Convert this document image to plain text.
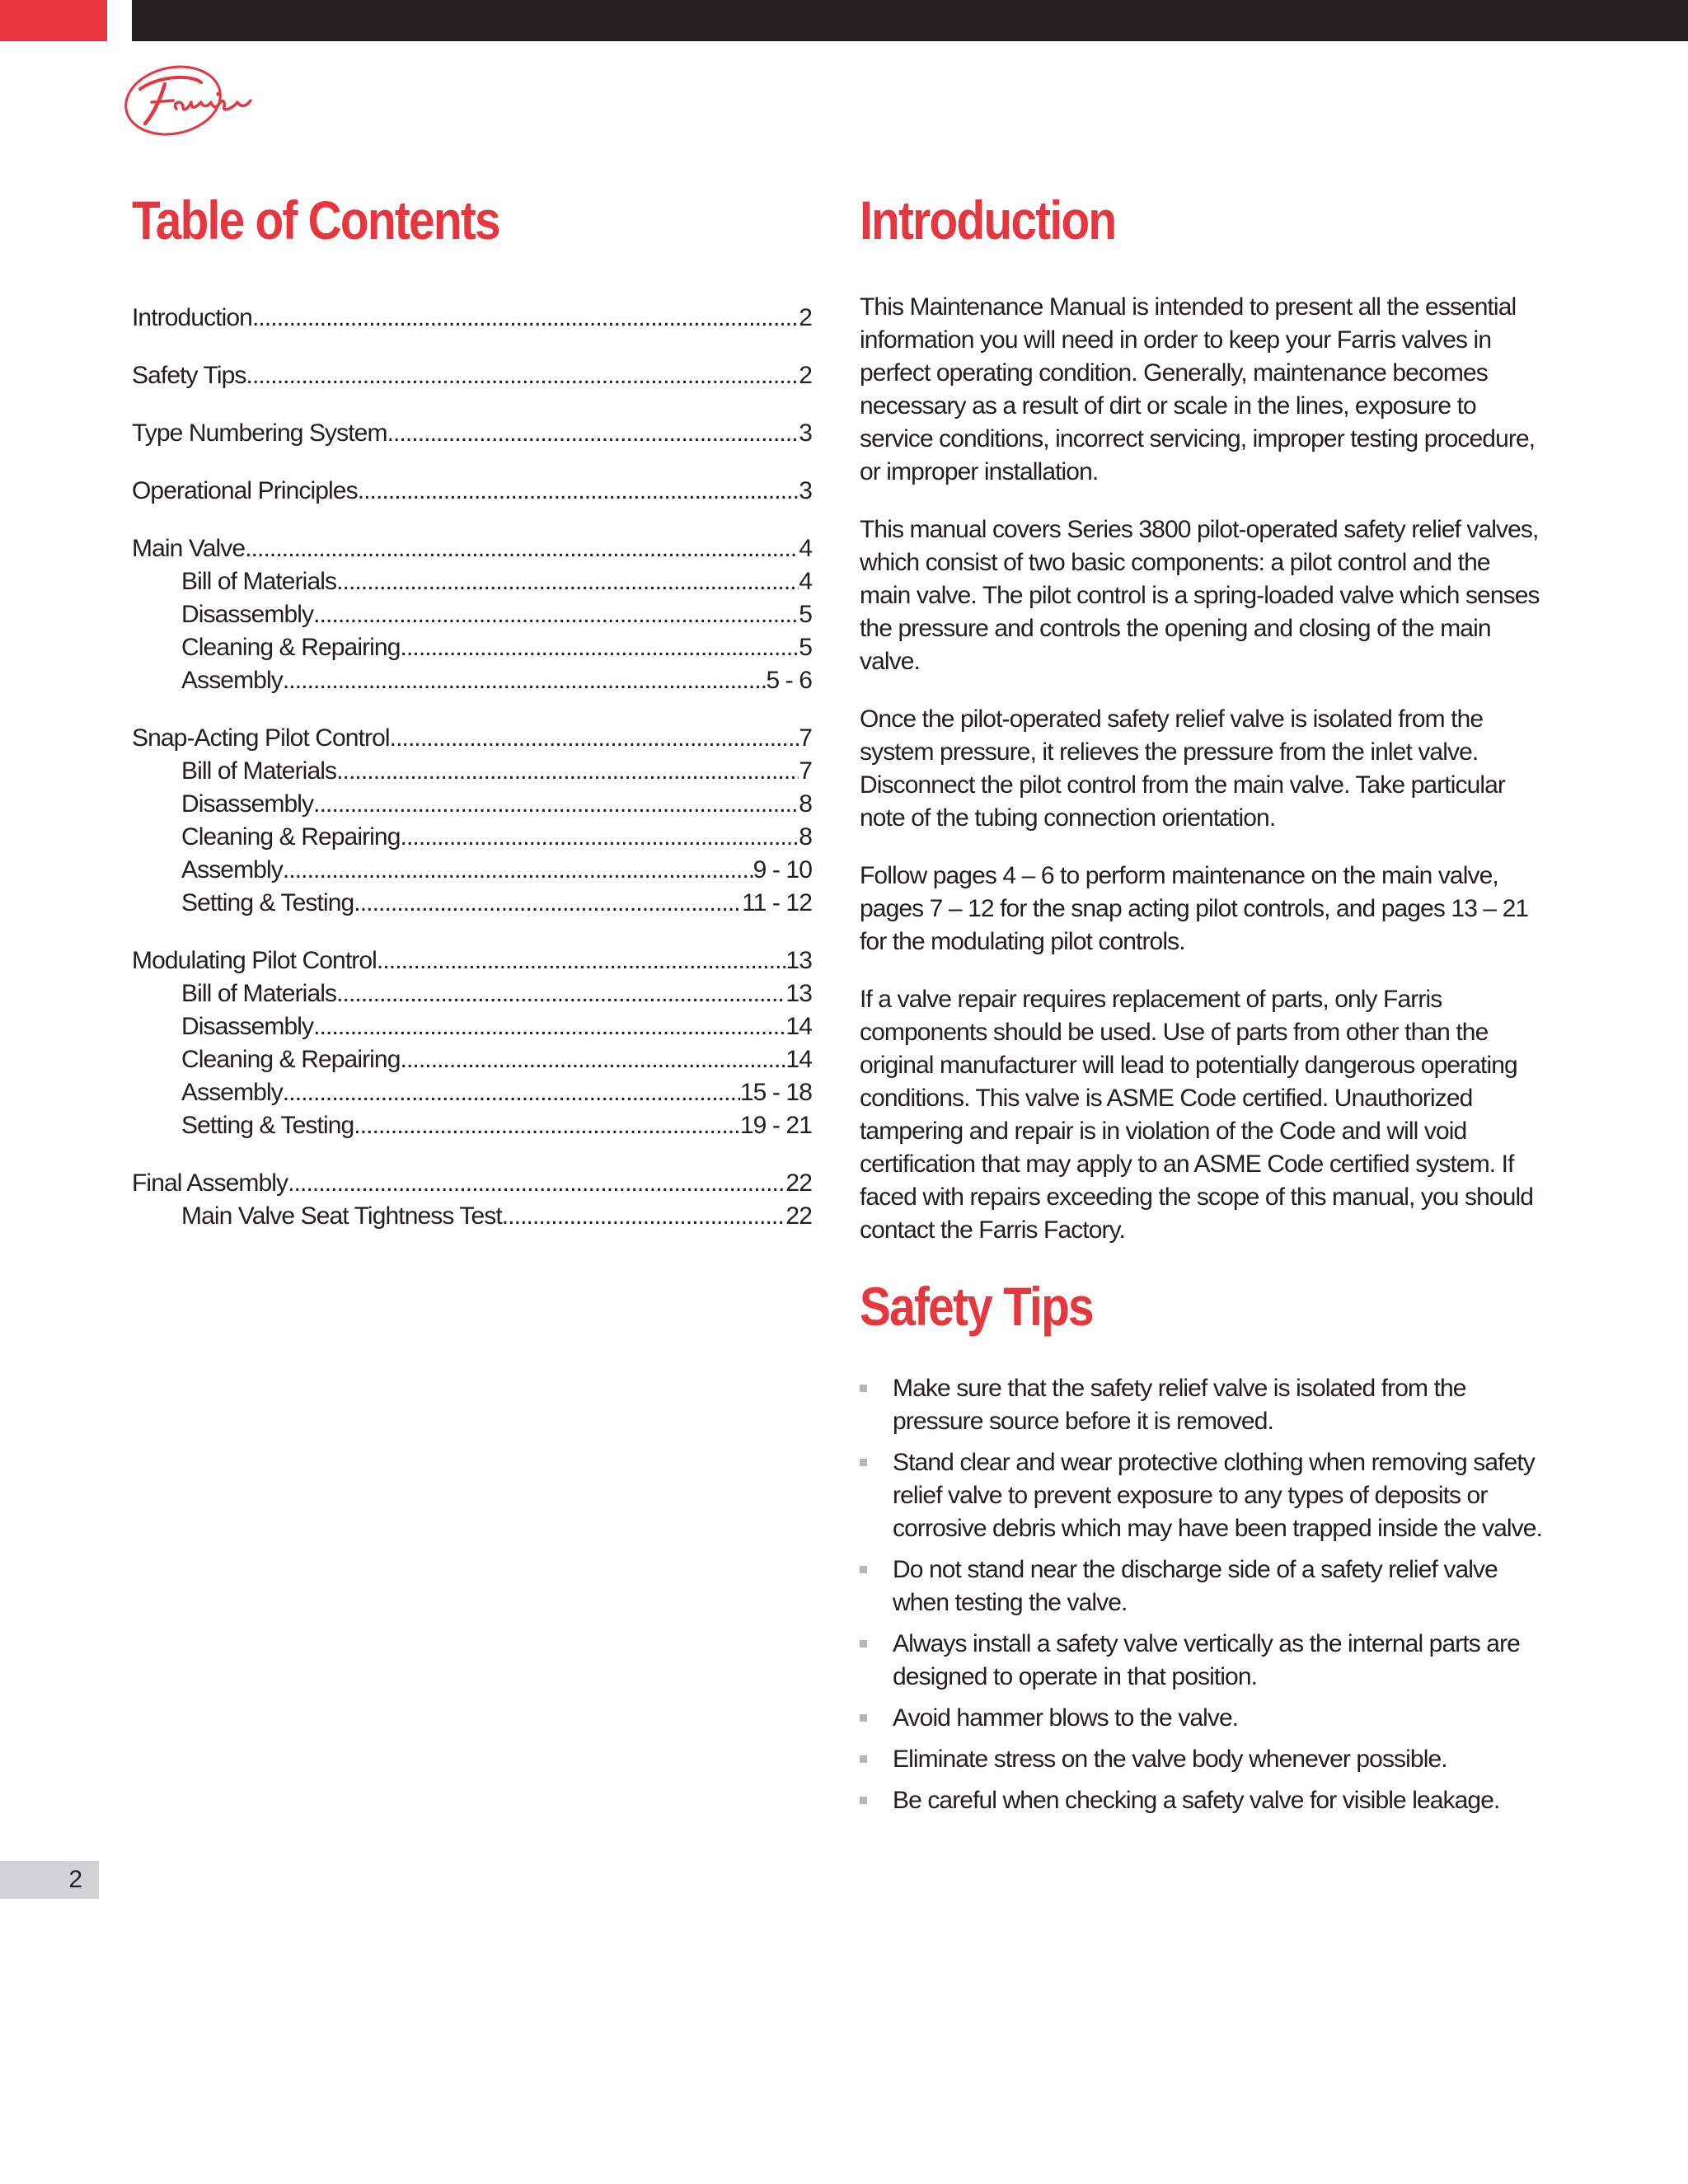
Table of Contents
Introduction .....	2
Safety Tips .....	2
Type Numbering System .....	3
Operational Principles .....	3
Main Valve .....	4
Bill of Materials .....	4
Disassembly .....	5
Cleaning & Repairing .....	5
Assembly .....	5 - 6
Snap-Acting Pilot Control .....	7
Bill of Materials .....	7
Disassembly .....	8
Cleaning & Repairing .....	8
Assembly .....	9 - 10
Setting & Testing .....	11 - 12
Modulating Pilot Control .....	13
Bill of Materials .....	13
Disassembly .....	14
Cleaning & Repairing .....	14
Assembly .....	15 - 18
Setting & Testing .....	19 - 21
Final Assembly .....	22
Main Valve Seat Tightness Test .....	22
Introduction

This Maintenance Manual is intended to present all the essential information you will need in order to keep your Farris valves in perfect operating condition. Generally, maintenance becomes necessary as a result of dirt or scale in the lines, exposure to service conditions, incorrect servicing, improper testing procedure, or improper installation.

This manual covers Series 3800 pilot-operated safety relief valves, which consist of two basic components: a pilot control and the main valve. The pilot control is a spring-loaded valve which senses the pressure and controls the opening and closing of the main valve.

Once the pilot-operated safety relief valve is isolated from the system pressure, it relieves the pressure from the inlet valve. Disconnect the pilot control from the main valve. Take particular note of the tubing connection orientation.

Follow pages 4 – 6 to perform maintenance on the main valve, pages 7 – 12 for the snap acting pilot controls, and pages 13 – 21 for the modulating pilot controls.

If a valve repair requires replacement of parts, only Farris components should be used. Use of parts from other than the original manufacturer will lead to potentially dangerous operating conditions. This valve is ASME Code certified. Unauthorized tampering and repair is in violation of the Code and will void certification that may apply to an ASME Code certified system. If faced with repairs exceeding the scope of this manual, you should contact the Farris Factory.

Safety Tips
Make sure that the safety relief valve is isolated from the pressure source before it is removed.
Stand clear and wear protective clothing when removing safety relief valve to prevent exposure to any types of deposits or corrosive debris which may have been trapped inside the valve.
Do not stand near the discharge side of a safety relief valve when testing the valve.
Always install a safety valve vertically as the internal parts are designed to operate in that position.
Avoid hammer blows to the valve.
Eliminate stress on the valve body whenever possible.
Be careful when checking a safety valve for visible leakage.
2
